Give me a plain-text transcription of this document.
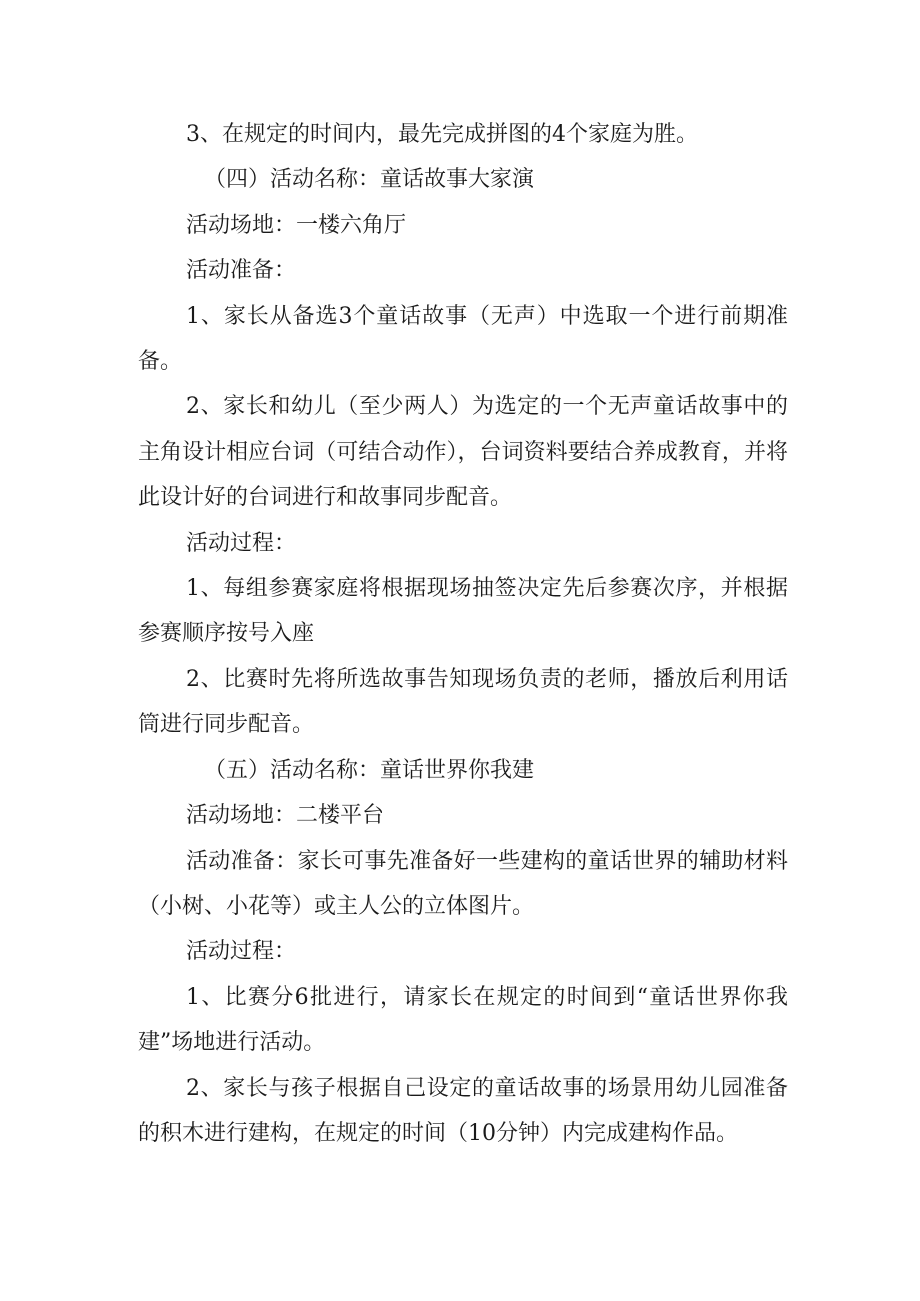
3、在规定的时间内，最先完成拼图的4个家庭为胜。

（四）活动名称：童话故事大家演

活动场地：一楼六角厅

活动准备：

1、家长从备选3个童话故事（无声）中选取一个进行前期准备。

2、家长和幼儿（至少两人）为选定的一个无声童话故事中的主角设计相应台词（可结合动作），台词资料要结合养成教育，并将此设计好的台词进行和故事同步配音。

活动过程：

1、每组参赛家庭将根据现场抽签决定先后参赛次序，并根据参赛顺序按号入座

2、比赛时先将所选故事告知现场负责的老师，播放后利用话筒进行同步配音。

（五）活动名称：童话世界你我建

活动场地：二楼平台

活动准备：家长可事先准备好一些建构的童话世界的辅助材料（小树、小花等）或主人公的立体图片。

活动过程：

1、比赛分6批进行，请家长在规定的时间到“童话世界你我建”场地进行活动。

2、家长与孩子根据自己设定的童话故事的场景用幼儿园准备的积木进行建构，在规定的时间（10分钟）内完成建构作品。
